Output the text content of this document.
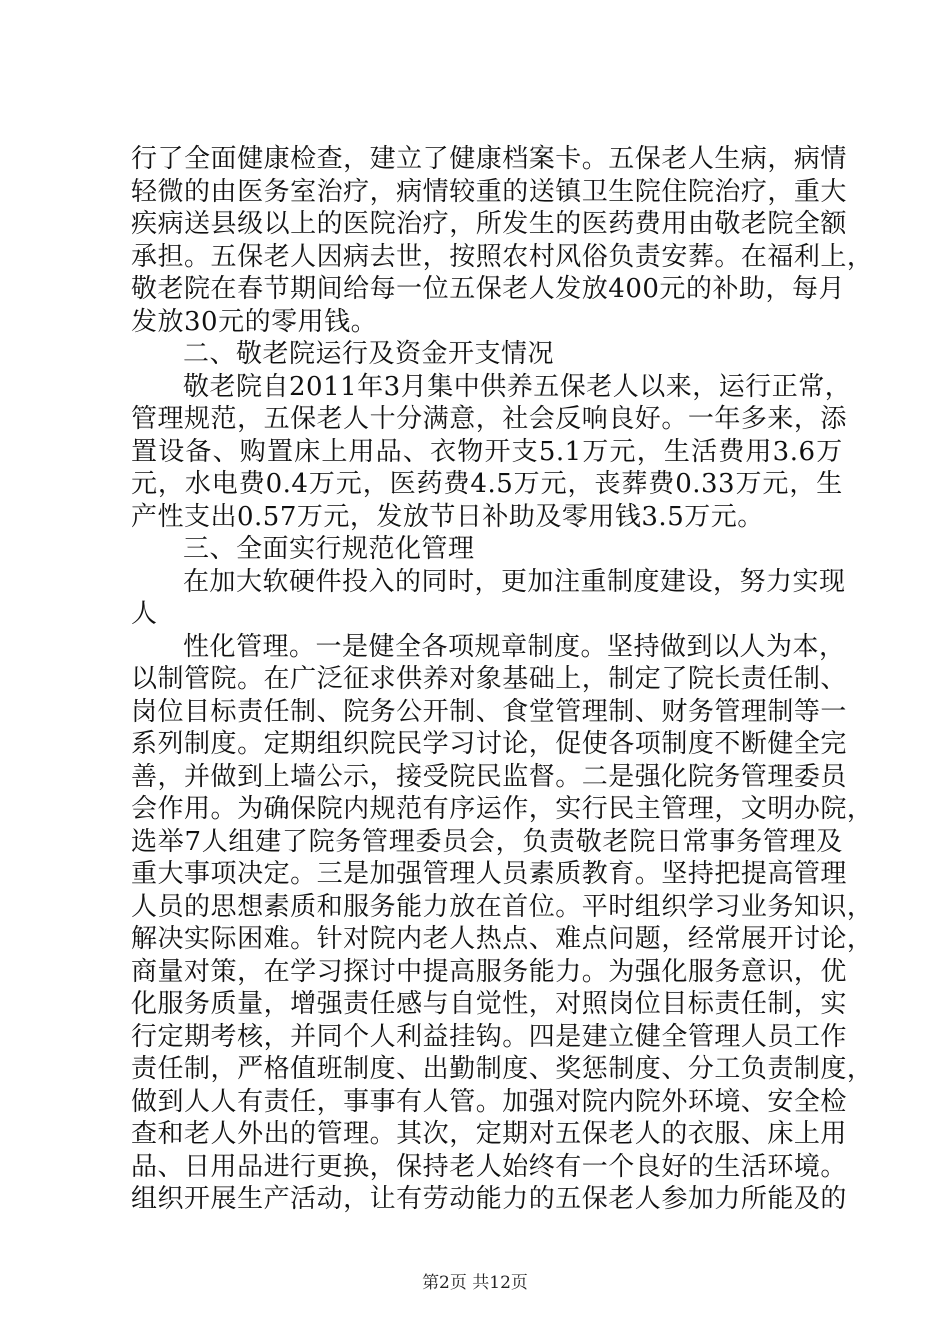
行 了 全 面 健 康 检 查 ， 建 立 了 健 康 档 案 卡 。 五 保 老 人 生 病 ， 病 情
轻 微 的 由 医 务 室 治 疗 ， 病 情 较 重 的 送 镇 卫 生 院 住 院 治 疗 ， 重 大
疾 病 送 县 级 以 上 的 医 院 治 疗 ， 所 发 生 的 医 药 费 用 由 敬 老 院 全 额
承 担 。 五 保 老 人 因 病 去 世 ， 按 照 农 村 风 俗 负 责 安 葬 。 在 福 利 上 ，
敬 老 院 在 春 节 期 间 给 每 一 位 五 保 老 人 发 放 400 元 的 补 助 ， 每 月
发放30元的零用钱。
二、敬老院运行及资金开支情况
敬老院自2011年3月集中供养五保老人以来，运行正常，
管 理 规 范 ， 五 保 老 人 十 分 满 意 ， 社 会 反 响 良 好 。 一 年 多 来 ， 添
置 设 备 、 购 置 床 上 用 品 、 衣 物 开 支 5.1 万 元 ， 生 活 费 用 3.6 万
元 ， 水 电 费 0.4 万 元 ， 医 药 费 4.5 万 元 ， 丧 葬 费 0.33 万 元 ， 生
产性支出0.57万元，发放节日补助及零用钱3.5万元。
三、全面实行规范化管理
在加大软硬件投入的同时，更加注重制度建设，努力实现
人
性化管理。一是健全各项规章制度。坚持做到以人为本，
以 制 管 院 。 在 广 泛 征 求 供 养 对 象 基 础 上 ， 制 定 了 院 长 责 任 制 、
岗 位 目 标 责 任 制 、 院 务 公 开 制 、 食 堂 管 理 制 、 财 务 管 理 制 等 一
系 列 制 度 。 定 期 组 织 院 民 学 习 讨 论 ， 促 使 各 项 制 度 不 断 健 全 完
善 ， 并 做 到 上 墙 公 示 ， 接 受 院 民 监 督 。 二 是 强 化 院 务 管 理 委 员
会 作 用 。 为 确 保 院 内 规 范 有 序 运 作 ， 实 行 民 主 管 理 ， 文 明 办 院 ，
选 举 7 人 组 建 了 院 务 管 理 委 员 会 ， 负 责 敬 老 院 日 常 事 务 管 理 及
重 大 事 项 决 定 。 三 是 加 强 管 理 人 员 素 质 教 育 。 坚 持 把 提 高 管 理
人 员 的 思 想 素 质 和 服 务 能 力 放 在 首 位 。 平 时 组 织 学 习 业 务 知 识 ，
解 决 实 际 困 难 。 针 对 院 内 老 人 热 点 、 难 点 问 题 ， 经 常 展 开 讨 论 ，
商 量 对 策 ， 在 学 习 探 讨 中 提 高 服 务 能 力 。 为 强 化 服 务 意 识 ， 优
化 服 务 质 量 ， 增 强 责 任 感 与 自 觉 性 ， 对 照 岗 位 目 标 责 任 制 ， 实
行 定 期 考 核 ， 并 同 个 人 利 益 挂 钩 。 四 是 建 立 健 全 管 理 人 员 工 作
责 任 制 ， 严 格 值 班 制 度 、 出 勤 制 度 、 奖 惩 制 度 、 分 工 负 责 制 度 ，
做 到 人 人 有 责 任 ， 事 事 有 人 管 。 加 强 对 院 内 院 外 环 境 、 安 全 检
查 和 老 人 外 出 的 管 理 。 其 次 ， 定 期 对 五 保 老 人 的 衣 服 、 床 上 用
品 、 日 用 品 进 行 更 换 ， 保 持 老 人 始 终 有 一 个 良 好 的 生 活 环 境 。
组 织 开 展 生 产 活 动 ， 让 有 劳 动 能 力 的 五 保 老 人 参 加 力 所 能 及 的
第2页 共12页
